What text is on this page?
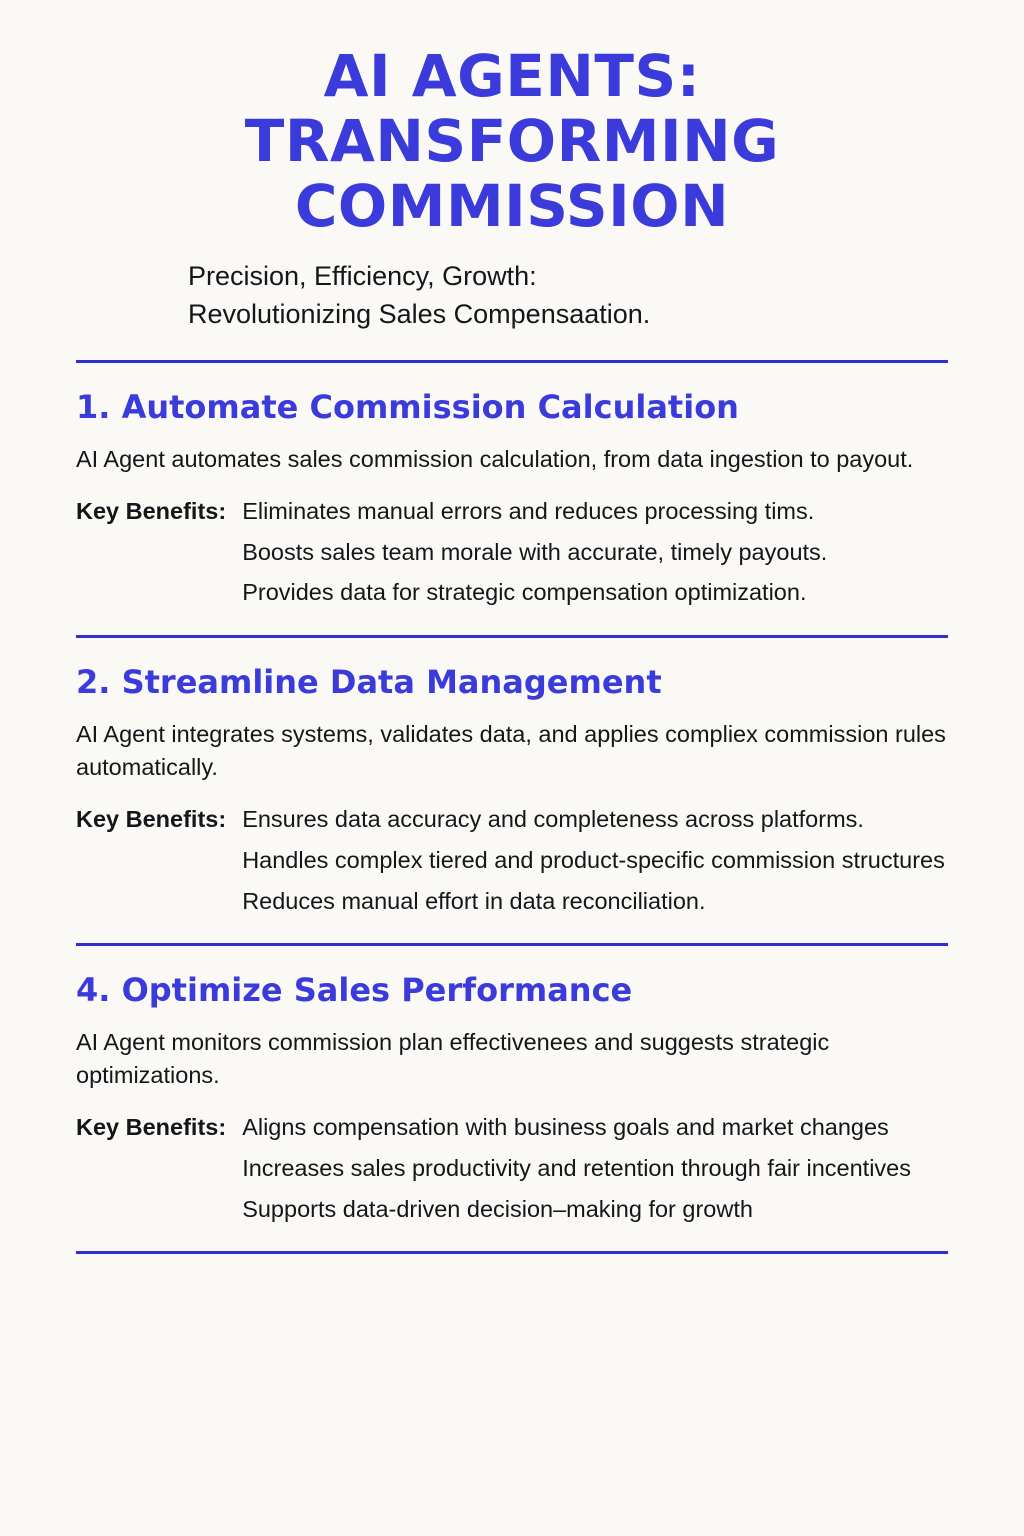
AI AGENTS: TRANSFORMING COMMISSION
Precision, Efficiency, Growth:
Revolutionizing Sales Compensaation.
1. Automate Commission Calculation

AI Agent automates sales commission calculation, from data ingestion to payout.

Key Benefits: Eliminates manual errors and reduces processing tims.
Boosts sales team morale with accurate, timely payouts.
Provides data for strategic compensation optimization.
2. Streamline Data Management

AI Agent integrates systems, validates data, and applies compliex commission rules automatically.

Key Benefits: Ensures data accuracy and completeness across platforms.
Handles complex tiered and product-specific commission structures
Reduces manual effort in data reconciliation.
4. Optimize Sales Performance

AI Agent monitors commission plan effectivenees and suggests strategic optimizations.

Key Benefits: Aligns compensation with business goals and market changes
Increases sales productivity and retention through fair incentives
Supports data-driven decision–making for growth
